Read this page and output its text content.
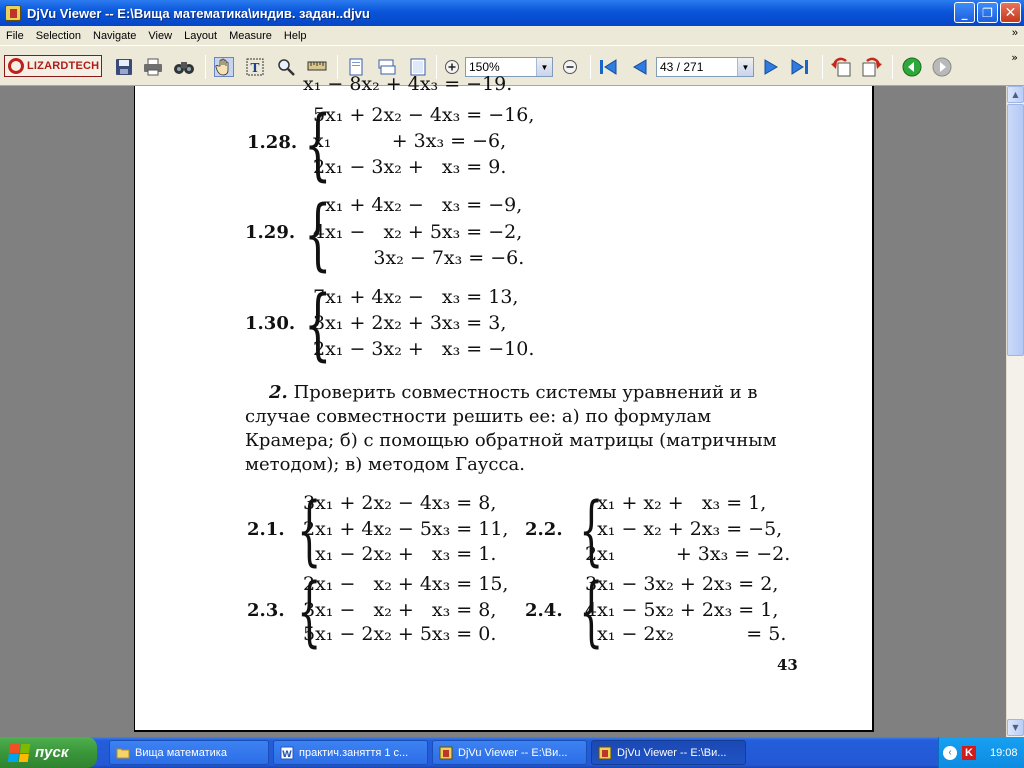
DjVu Viewer -- E:\Вища математика\индив. задан..djvu	_	❐ ✕
File	Selection	Navigate	View	Layout	Measure	Help	»
LIZARDTECH	T	150%	▼	43 / 271	▼
»
x₁ − 8x₂ + 4x₃ = −19.
1.28. {
5x₁ + 2x₂ − 4x₃ = −16,
x₁          + 3x₃ = −6,
2x₁ − 3x₂ +   x₃ = 9.
1.29. {
x₁ + 4x₂ −   x₃ = −9,
4x₁ −   x₂ + 5x₃ = −2,
3x₂ − 7x₃ = −6.
1.30. {
7x₁ + 4x₂ −   x₃ = 13,
3x₁ + 2x₂ + 3x₃ = 3,
2x₁ − 3x₂ +   x₃ = −10.
2. Проверить совместность системы уравнений и в случае совместности решить ее: а) по формулам Крамера; б) с помощью обратной матрицы (матричным методом); в) методом Гаусса.
2.1. {
3x₁ + 2x₂ − 4x₃ = 8,
2x₁ + 4x₂ − 5x₃ = 11,
x₁ − 2x₂ +   x₃ = 1.
2.2. {
x₁ + x₂ +   x₃ = 1,
x₁ − x₂ + 2x₃ = −5,
2x₁          + 3x₃ = −2.
2.3. {
2x₁ −   x₂ + 4x₃ = 15,
3x₁ −   x₂ +   x₃ = 8,
5x₁ − 2x₂ + 5x₃ = 0.
2.4. {
3x₁ − 3x₂ + 2x₃ = 2,
4x₁ − 5x₂ + 2x₃ = 1,
x₁ − 2x₂            = 5.
43
▲
▼
пуск	Вища математика	W практич.заняття 1 с...	DjVu Viewer -- E:\Ви...	DjVu Viewer -- E:\Ви...	‹	K 19:08
